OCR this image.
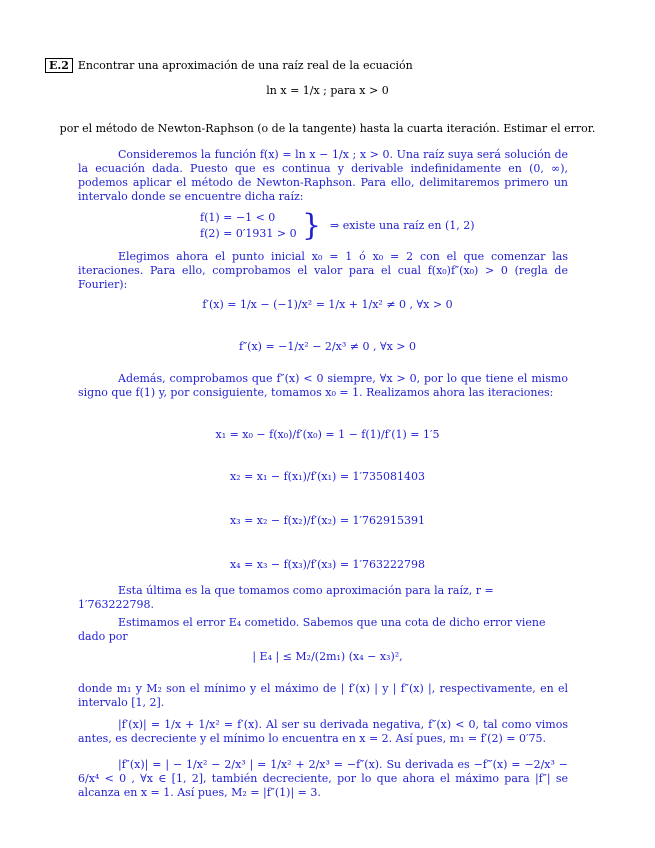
E.2 Encontrar una aproximación de una raíz real de la ecuación
ln x = 1/x ; para x > 0
por el método de Newton-Raphson (o de la tangente) hasta la cuarta iteración. Estimar el error.
Consideremos la función f(x) = ln x − 1/x ; x > 0. Una raíz suya será solución de la ecuación dada. Puesto que es continua y derivable indefinidamente en (0, ∞), podemos aplicar el método de Newton-Raphson. Para ello, delimitaremos primero un intervalo donde se encuentre dicha raíz:
f(1) = −1 < 0
f(2) = 0′1931 > 0 } ⇒ existe una raíz en (1, 2)
Elegimos ahora el punto inicial x₀ = 1 ó x₀ = 2 con el que comenzar las iteraciones. Para ello, comprobamos el valor para el cual f(x₀)f″(x₀) > 0 (regla de Fourier):
f′(x) = 1/x − (−1)/x² = 1/x + 1/x² ≠ 0 , ∀x > 0
f″(x) = −1/x² − 2/x³ ≠ 0 , ∀x > 0
Además, comprobamos que f″(x) < 0 siempre, ∀x > 0, por lo que tiene el mismo signo que f(1) y, por consiguiente, tomamos x₀ = 1. Realizamos ahora las iteraciones:
x₁ = x₀ − f(x₀)/f′(x₀) = 1 − f(1)/f′(1) = 1′5
x₂ = x₁ − f(x₁)/f′(x₁) = 1′735081403
x₃ = x₂ − f(x₂)/f′(x₂) = 1′762915391
x₄ = x₃ − f(x₃)/f′(x₃) = 1′763222798
Esta última es la que tomamos como aproximación para la raíz, r = 1′763222798.
Estimamos el error E₄ cometido. Sabemos que una cota de dicho error viene dado por
| E₄ | ≤ M₂/(2m₁) (x₄ − x₃)²,
donde m₁ y M₂ son el mínimo y el máximo de | f′(x) | y | f″(x) |, respectivamente, en el intervalo [1, 2].
|f′(x)| = 1/x + 1/x² = f′(x). Al ser su derivada negativa, f″(x) < 0, tal como vimos antes, es decreciente y el mínimo lo encuentra en x = 2. Así pues, m₁ = f′(2) = 0′75.
|f″(x)| = | − 1/x² − 2/x³ | = 1/x² + 2/x³ = −f″(x). Su derivada es −f‴(x) = −2/x³ − 6/x⁴ < 0 , ∀x ∈ [1, 2], también decreciente, por lo que ahora el máximo para |f″| se alcanza en x = 1. Así pues, M₂ = |f″(1)| = 3.
